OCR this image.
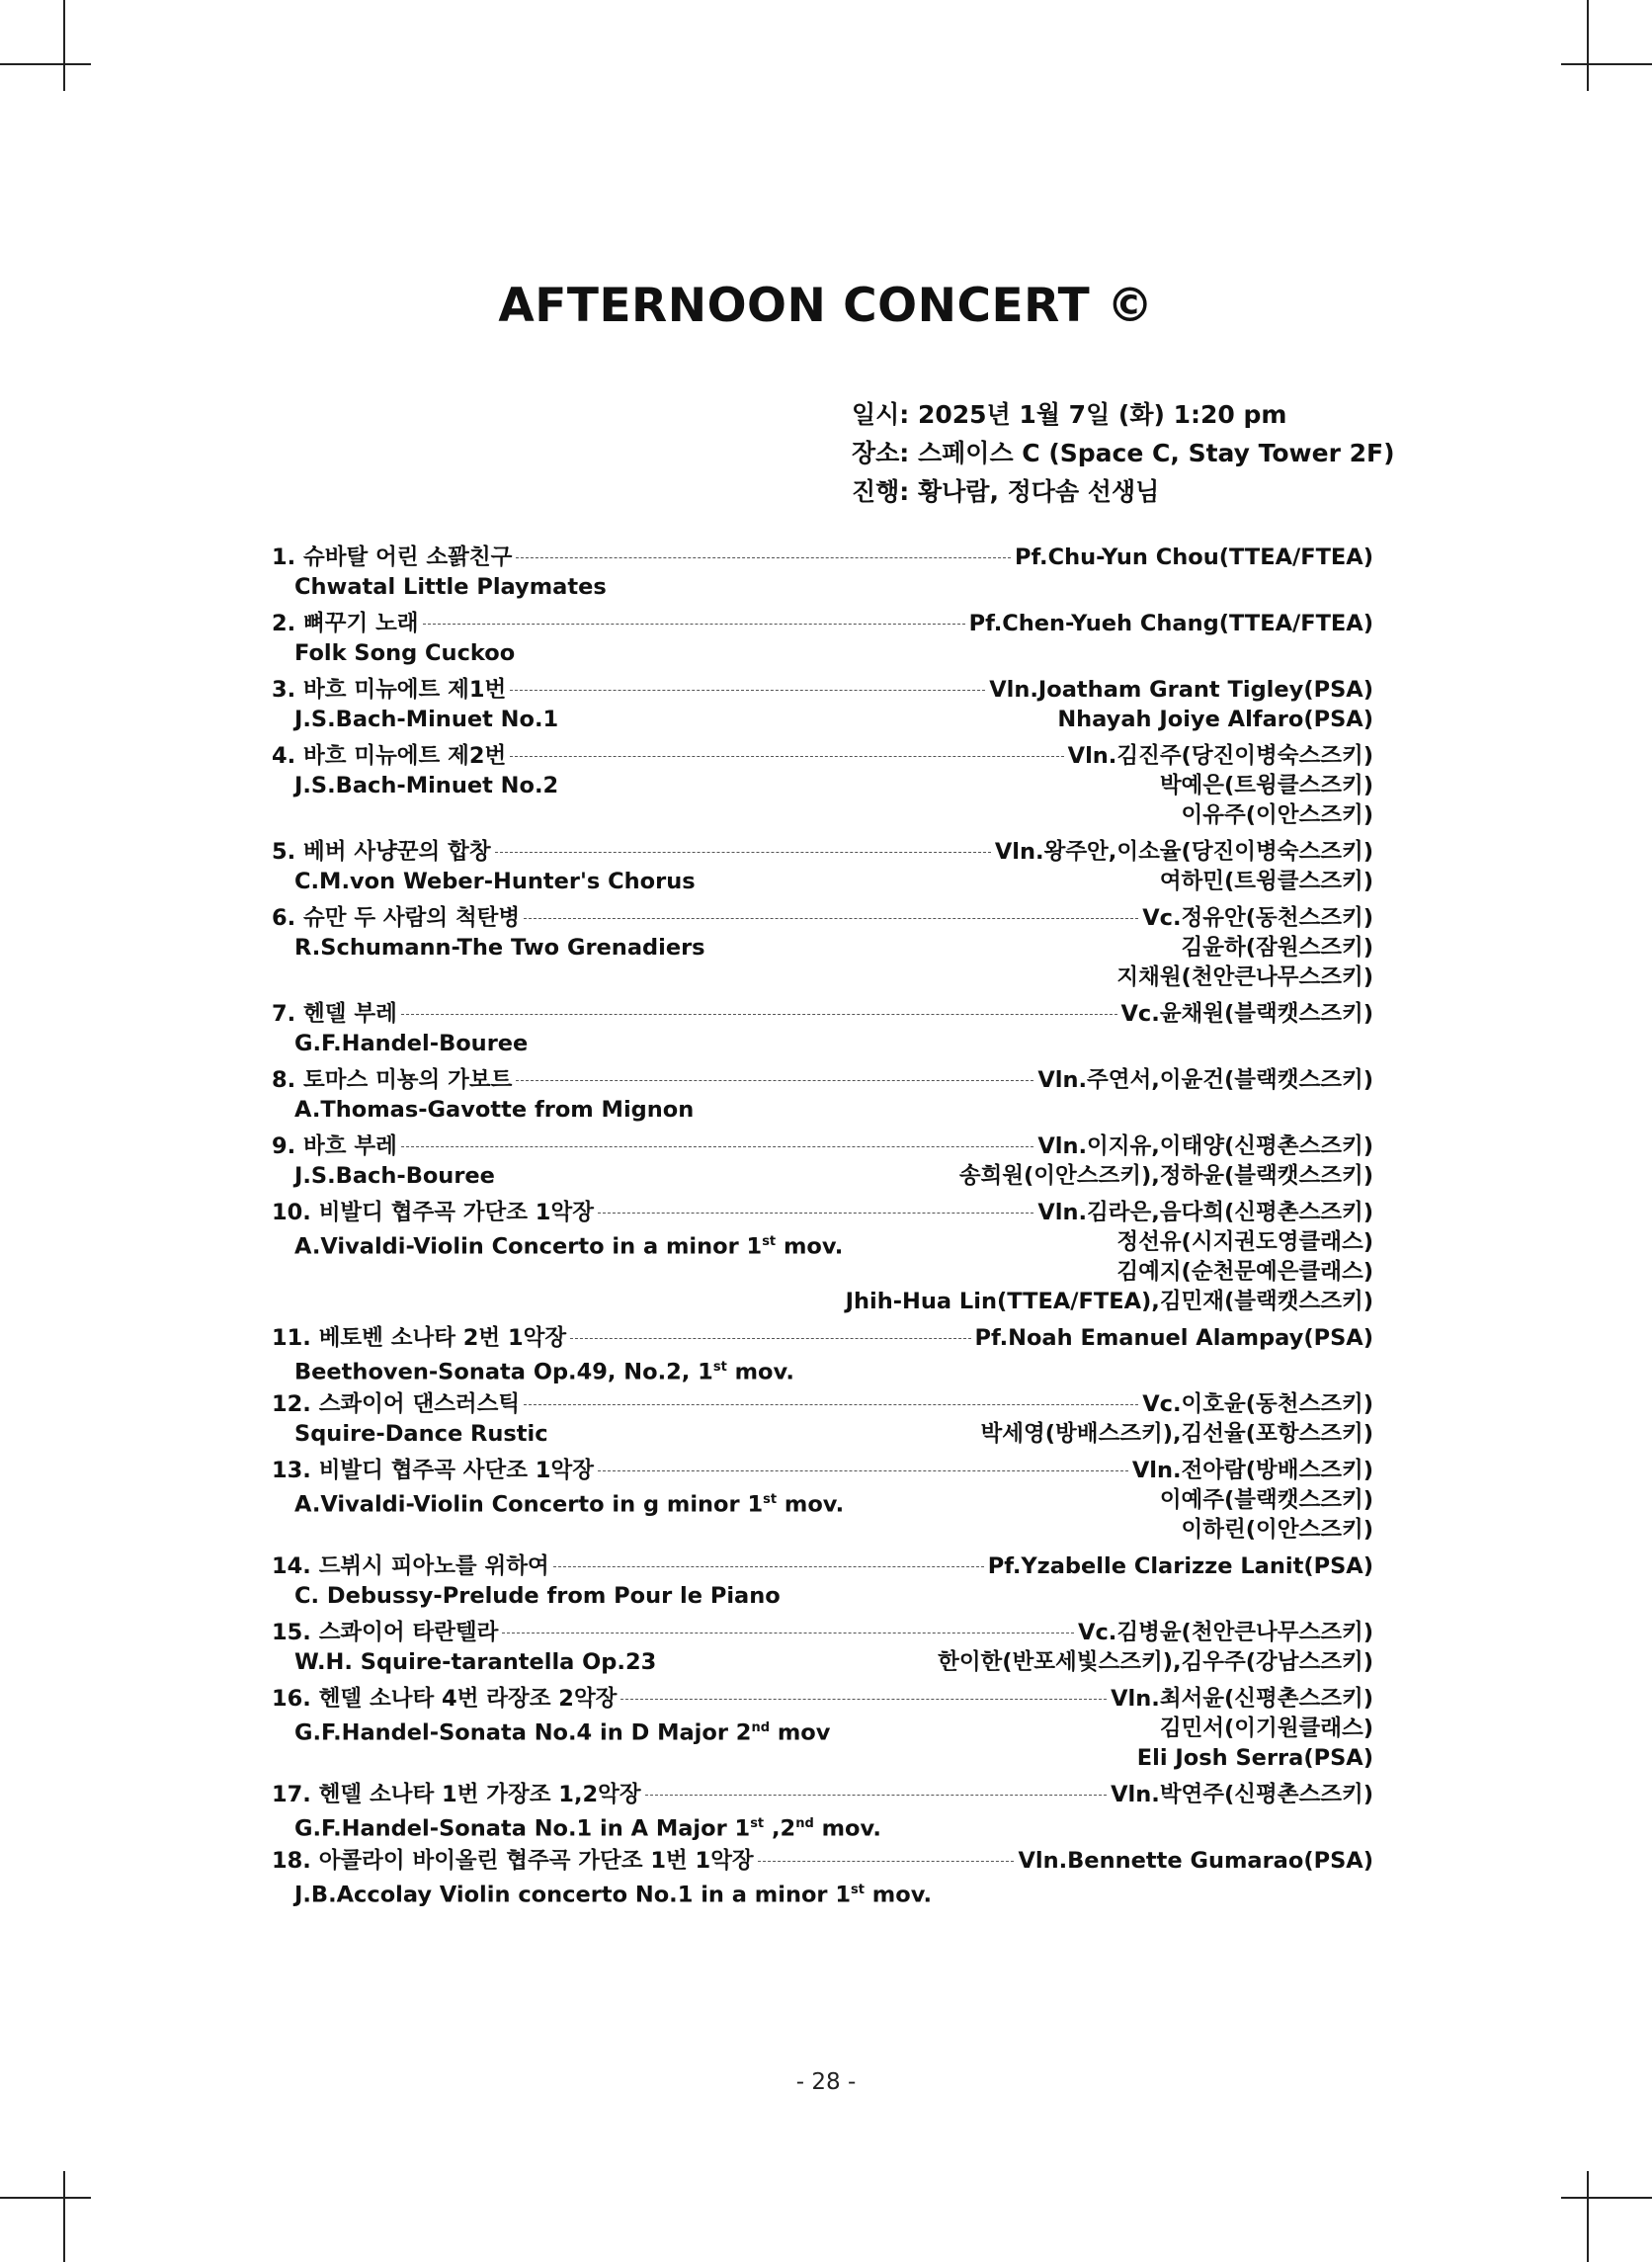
AFTERNOON CONCERT ©
일시: 2025년 1월 7일 (화) 1:20 pm
장소: 스페이스 C (Space C, Stay Tower 2F)
진행: 황나람, 정다솜 선생님
1. 슈바탈 어린 소꽑친구	Pf.Chu-Yun Chou(TTEA/FTEA)
Chwatal Little Playmates
2. 뼈꾸기 노래	Pf.Chen-Yueh Chang(TTEA/FTEA)
Folk Song Cuckoo
3. 바흐 미뉴에트 제1번	Vln.Joatham Grant Tigley(PSA)
J.S.Bach-Minuet No.1	Nhayah Joiye Alfaro(PSA)
4. 바흐 미뉴에트 제2번	Vln.김진주(당진이병숙스즈키)
J.S.Bach-Minuet No.2	박예은(트윙클스즈키)
이유주(이안스즈키)
5. 베버 사냥꾼의 합창	Vln.왕주안,이소율(당진이병숙스즈키)
C.M.von Weber-Hunter's Chorus	여하민(트윙클스즈키)
6. 슈만 두 사람의 척탄병	Vc.정유안(동천스즈키)
R.Schumann-The Two Grenadiers	김윤하(잠원스즈키)
지채원(천안큰나무스즈키)
7. 헨델 부레	Vc.윤채원(블랙캣스즈키)
G.F.Handel-Bouree
8. 토마스 미뇽의 가보트	Vln.주연서,이윤건(블랙캣스즈키)
A.Thomas-Gavotte from Mignon
9. 바흐 부레	Vln.이지유,이태양(신평촌스즈키)
J.S.Bach-Bouree	송희원(이안스즈키),정하윤(블랙캣스즈키)
10. 비발디 협주곡 가단조 1악장	Vln.김라은,음다희(신평촌스즈키)
A.Vivaldi-Violin Concerto in a minor 1st mov.	정선유(시지권도영클래스)
김예지(순천문예은클래스)
Jhih-Hua Lin(TTEA/FTEA),김민재(블랙캣스즈키)
11. 베토벤 소나타 2번 1악장	Pf.Noah Emanuel Alampay(PSA)
Beethoven-Sonata Op.49, No.2, 1st mov.
12. 스콰이어 댄스러스틱	Vc.이호윤(동천스즈키)
Squire-Dance Rustic	박세영(방배스즈키),김선율(포항스즈키)
13. 비발디 협주곡 사단조 1악장	Vln.전아람(방배스즈키)
A.Vivaldi-Violin Concerto in g minor 1st mov.	이예주(블랙캣스즈키)
이하린(이안스즈키)
14. 드뷔시 피아노를 위하여	Pf.Yzabelle Clarizze Lanit(PSA)
C. Debussy-Prelude from Pour le Piano
15. 스콰이어 타란텔라	Vc.김병윤(천안큰나무스즈키)
W.H. Squire-tarantella Op.23	한이한(반포세빛스즈키),김우주(강남스즈키)
16. 헨델 소나타 4번 라장조 2악장	Vln.최서윤(신평촌스즈키)
G.F.Handel-Sonata No.4 in D Major 2nd mov	김민서(이기원클래스)
Eli Josh Serra(PSA)
17. 헨델 소나타 1번 가장조 1,2악장	Vln.박연주(신평촌스즈키)
G.F.Handel-Sonata No.1 in A Major 1st ,2nd mov.
18. 아콜라이 바이올린 협주곡 가단조 1번 1악장	Vln.Bennette Gumarao(PSA)
J.B.Accolay Violin concerto No.1 in a minor 1st mov.
- 28 -
